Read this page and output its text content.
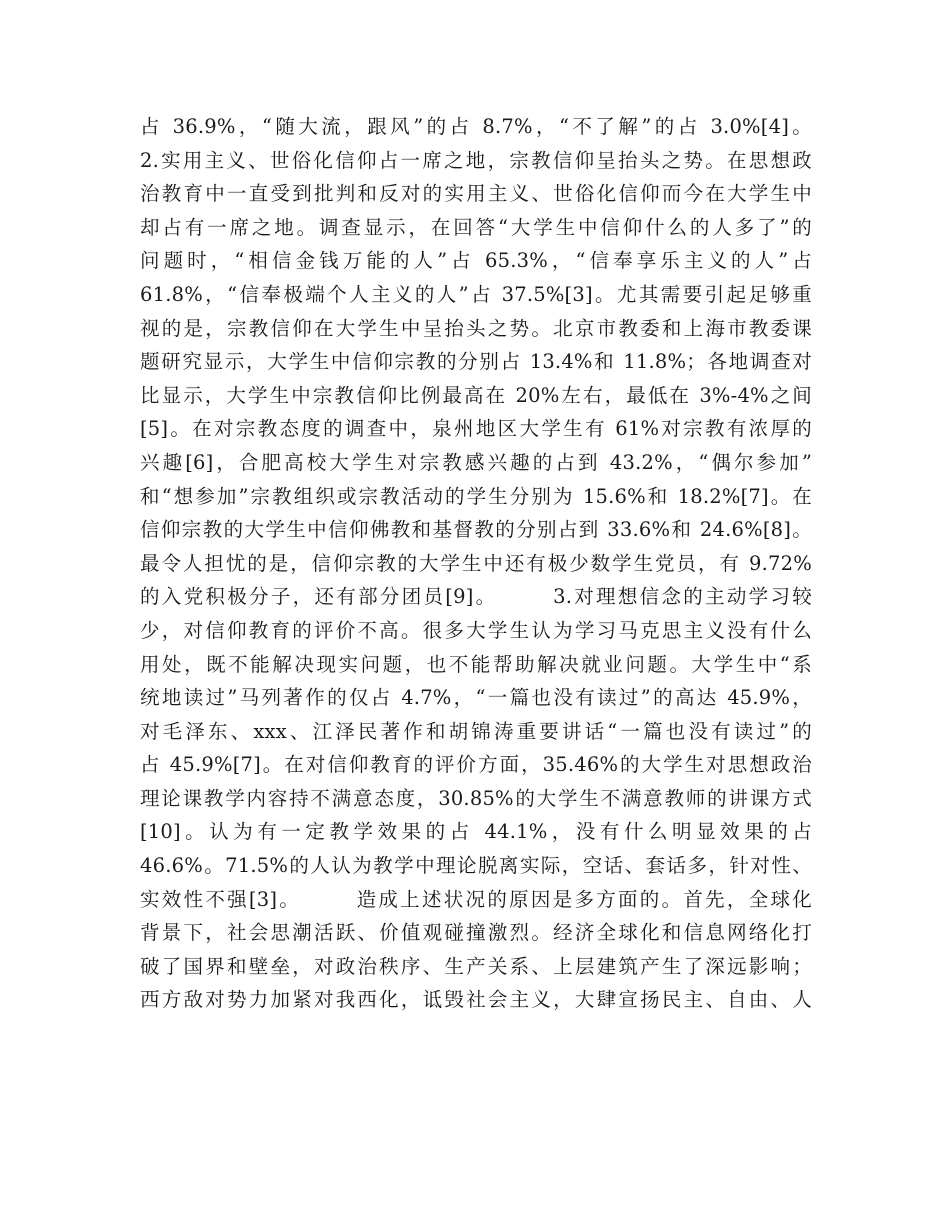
占 36.9%，“随大流，跟风”的占 8.7%，“不了解”的占 3.0%[4]。
2.实用主义、世俗化信仰占一席之地，宗教信仰呈抬头之势。在思想政
治教育中一直受到批判和反对的实用主义、世俗化信仰而今在大学生中
却占有一席之地。调查显示，在回答“大学生中信仰什么的人多了”的
问题时，“相信金钱万能的人”占 65.3%，“信奉享乐主义的人”占
61.8%，“信奉极端个人主义的人”占 37.5%[3]。尤其需要引起足够重
视的是，宗教信仰在大学生中呈抬头之势。北京市教委和上海市教委课
题研究显示，大学生中信仰宗教的分别占 13.4%和 11.8%；各地调查对
比显示，大学生中宗教信仰比例最高在 20%左右，最低在 3%-4%之间
[5]。在对宗教态度的调查中，泉州地区大学生有 61%对宗教有浓厚的
兴趣[6]，合肥高校大学生对宗教感兴趣的占到 43.2%，“偶尔参加”
和“想参加”宗教组织或宗教活动的学生分别为 15.6%和 18.2%[7]。在
信仰宗教的大学生中信仰佛教和基督教的分别占到 33.6%和 24.6%[8]。
最令人担忧的是，信仰宗教的大学生中还有极少数学生党员，有 9.72%
的入党积极分子，还有部分团员[9]。　　　3.对理想信念的主动学习较
少，对信仰教育的评价不高。很多大学生认为学习马克思主义没有什么
用处，既不能解决现实问题，也不能帮助解决就业问题。大学生中“系
统地读过”马列著作的仅占 4.7%，“一篇也没有读过”的高达 45.9%，
对毛泽东、xxx、江泽民著作和胡锦涛重要讲话“一篇也没有读过”的
占 45.9%[7]。在对信仰教育的评价方面，35.46%的大学生对思想政治
理论课教学内容持不满意态度，30.85%的大学生不满意教师的讲课方式
[10]。认为有一定教学效果的占 44.1%，没有什么明显效果的占
46.6%。71.5%的人认为教学中理论脱离实际，空话、套话多，针对性、
实效性不强[3]。　　　造成上述状况的原因是多方面的。首先，全球化
背景下，社会思潮活跃、价值观碰撞激烈。经济全球化和信息网络化打
破了国界和壁垒，对政治秩序、生产关系、上层建筑产生了深远影响；
西方敌对势力加紧对我西化，诋毁社会主义，大肆宣扬民主、自由、人
